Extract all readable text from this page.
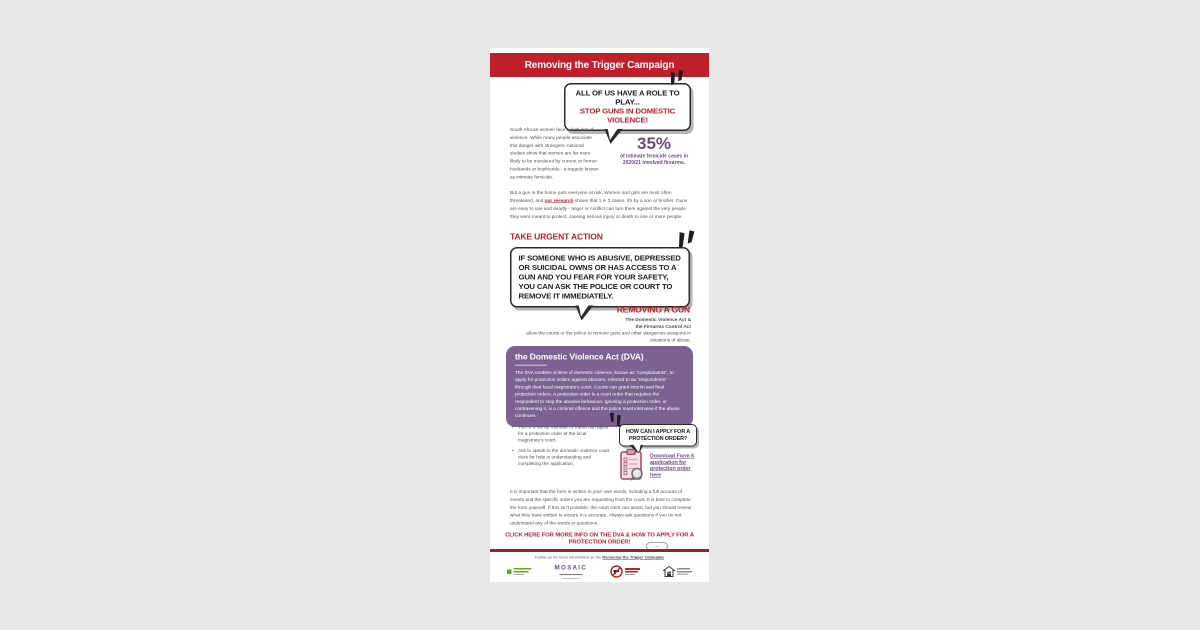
Removing the Trigger Campaign
ALL OF US HAVE A ROLE TO PLAY...
STOP GUNS IN DOMESTIC VIOLENCE!
South African women face a high risk of violence. While many people associate this danger with strangers, national studies show that women are far more likely to be murdered by current or former husbands or boyfriends - a tragedy known as intimate femicide.
35%
of intimate femicide cases in 2020/21 involved firearms.
But a gun in the home puts everyone at risk. Women and girls are most often threatened, and our research shows that 1 in 3 cases, it's by a son or brother. Guns are easy to use and deadly - anger or conflict can turn them against the very people they were meant to protect, causing serious injury or death to one or more people.
TAKE URGENT ACTION
IF SOMEONE WHO IS ABUSIVE, DEPRESSED OR SUICIDAL OWNS OR HAS ACCESS TO A GUN AND YOU FEAR FOR YOUR SAFETY, YOU CAN ASK THE POLICE OR COURT TO REMOVE IT IMMEDIATELY.
REMOVING A GUN
The Domestic Violence Act &
the Firearms Control Act
allow the courts or the police to remove guns and other dangerous weapons in situations of abuse.
the Domestic Violence Act (DVA)
The DVA enables victims of domestic violence, known as "complainants", to apply for protection orders against abusers, referred to as "respondents" through their local magistrate's court. Courts can grant interim and final protection orders. A protection order is a court order that requires the respondent to stop the abusive behaviour. Ignoring a protection order, or contravening it, is a criminal offence and the police must intervene if the abuse continues.
• You or a family member or friend can apply for a protection order at the local magistrate's court.
• Ask to speak to the domestic violence court clerk for help in understanding and completing the application.
HOW CAN I APPLY FOR A
PROTECTION ORDER?
Download Form 6 application for protection order here
It is important that the form is written in your own words, including a full account of events and the specific orders you are requesting from the court. It is best to complete the form yourself. If this isn't possible, the court clerk can assist, but you should review what they have written to ensure it is accurate. Always ask questions if you do not understand any of the words or questions.
CLICK HERE FOR MORE INFO ON THE DVA & HOW TO APPLY FOR A PROTECTION ORDER!
→
Follow us for more information on the Removing the Trigger Campaign
MOSAIC
